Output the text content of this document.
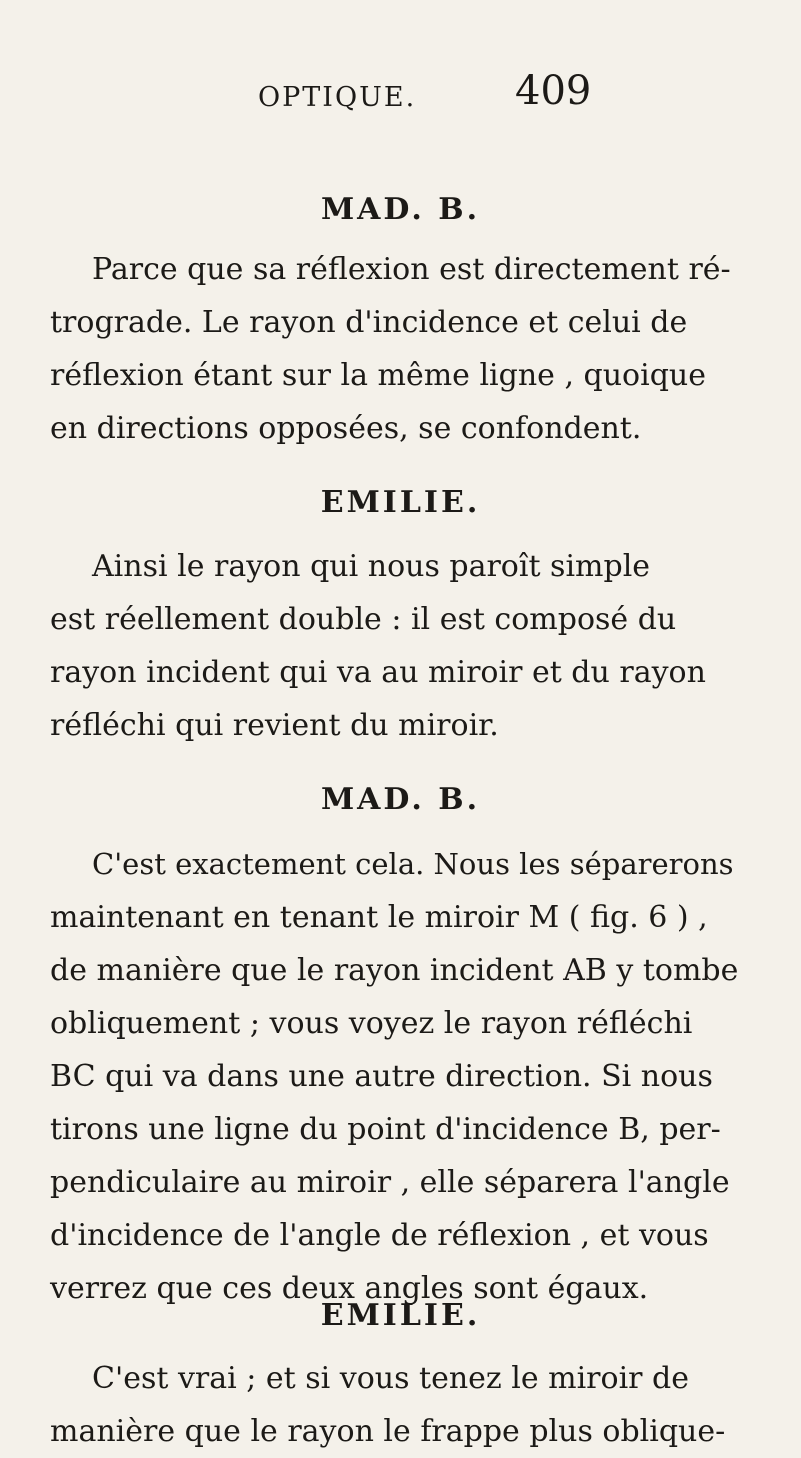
OPTIQUE. 409
MAD. B.
Parce que sa réflexion est directement ré-
trograde. Le rayon d'incidence et celui de
réflexion étant sur la même ligne , quoique
en directions opposées, se confondent.
EMILIE.
Ainsi le rayon qui nous paroît simple
est réellement double : il est composé du
rayon incident qui va au miroir et du rayon
réfléchi qui revient du miroir.
MAD. B.
C'est exactement cela. Nous les séparerons
maintenant en tenant le miroir M ( fig. 6 ) ,
de manière que le rayon incident AB y tombe
obliquement ; vous voyez le rayon réfléchi
BC qui va dans une autre direction. Si nous
tirons une ligne du point d'incidence B, per-
pendiculaire au miroir , elle séparera l'angle
d'incidence de l'angle de réflexion , et vous
verrez que ces deux angles sont égaux.
EMILIE.
C'est vrai ; et si vous tenez le miroir de
manière que le rayon le frappe plus oblique-
